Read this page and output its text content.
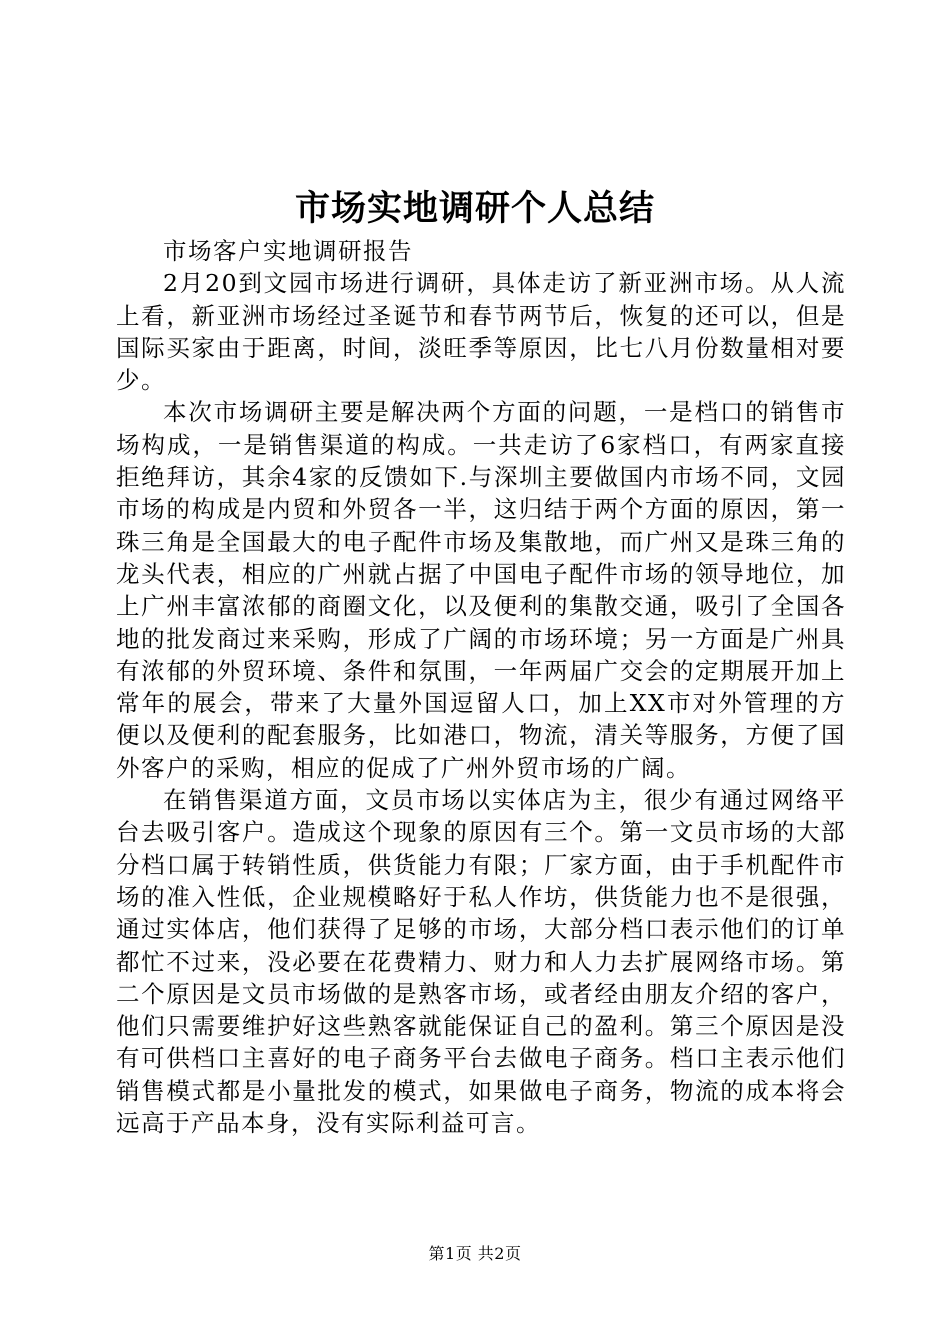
市场实地调研个人总结

市场客户实地调研报告

2月20到文园市场进行调研，具体走访了新亚洲市场。从人流上看，新亚洲市场经过圣诞节和春节两节后，恢复的还可以，但是国际买家由于距离，时间，淡旺季等原因，比七八月份数量相对要少。

本次市场调研主要是解决两个方面的问题，一是档口的销售市场构成，一是销售渠道的构成。一共走访了6家档口，有两家直接拒绝拜访，其余4家的反馈如下.与深圳主要做国内市场不同，文园市场的构成是内贸和外贸各一半，这归结于两个方面的原因，第一珠三角是全国最大的电子配件市场及集散地，而广州又是珠三角的龙头代表，相应的广州就占据了中国电子配件市场的领导地位，加上广州丰富浓郁的商圈文化，以及便利的集散交通，吸引了全国各地的批发商过来采购，形成了广阔的市场环境；另一方面是广州具有浓郁的外贸环境、条件和氛围，一年两届广交会的定期展开加上常年的展会，带来了大量外国逗留人口，加上XX市对外管理的方便以及便利的配套服务，比如港口，物流，清关等服务，方便了国外客户的采购，相应的促成了广州外贸市场的广阔。

在销售渠道方面，文员市场以实体店为主，很少有通过网络平台去吸引客户。造成这个现象的原因有三个。第一文员市场的大部分档口属于转销性质，供货能力有限；厂家方面，由于手机配件市场的准入性低，企业规模略好于私人作坊，供货能力也不是很强，通过实体店，他们获得了足够的市场，大部分档口表示他们的订单都忙不过来，没必要在花费精力、财力和人力去扩展网络市场。第二个原因是文员市场做的是熟客市场，或者经由朋友介绍的客户，他们只需要维护好这些熟客就能保证自己的盈利。第三个原因是没有可供档口主喜好的电子商务平台去做电子商务。档口主表示他们销售模式都是小量批发的模式，如果做电子商务，物流的成本将会远高于产品本身，没有实际利益可言。

第1页 共2页
